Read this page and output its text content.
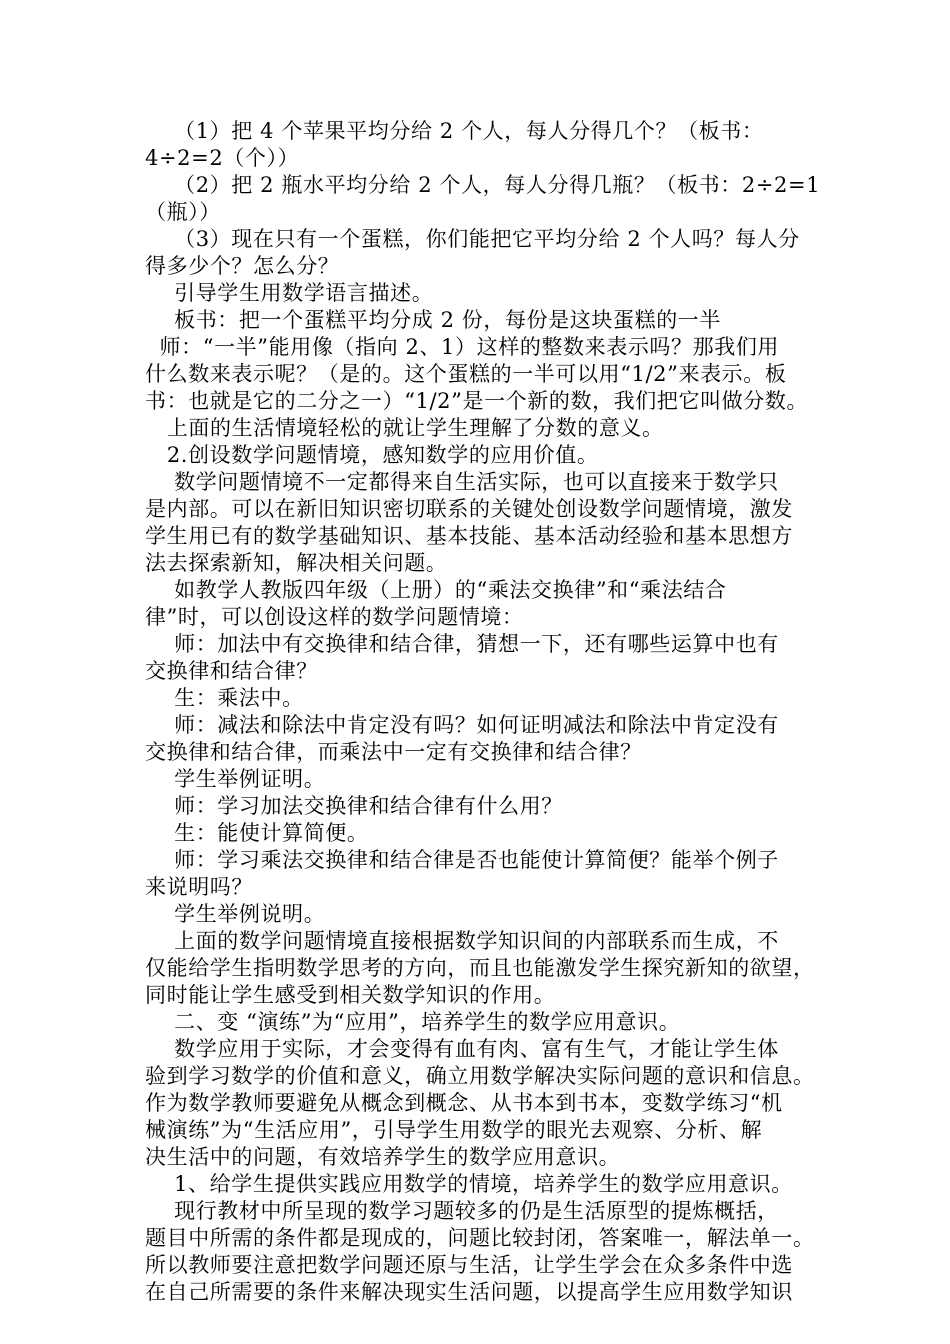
（1）把 4 个苹果平均分给 2 个人，每人分得几个？（板书：
4÷2=2（个））
（2）把 2 瓶水平均分给 2 个人，每人分得几瓶？（板书：2÷2=1
（瓶））
（3）现在只有一个蛋糕，你们能把它平均分给 2 个人吗？每人分
得多少个？怎么分？
引导学生用数学语言描述。
板书：把一个蛋糕平均分成 2 份，每份是这块蛋糕的一半
师：“一半”能用像（指向 2、1）这样的整数来表示吗？那我们用
什么数来表示呢？（是的。这个蛋糕的一半可以用“1/2”来表示。板
书：也就是它的二分之一）“1/2”是一个新的数，我们把它叫做分数。
上面的生活情境轻松的就让学生理解了分数的意义。
2.创设数学问题情境，感知数学的应用价值。
数学问题情境不一定都得来自生活实际，也可以直接来于数学只
是内部。可以在新旧知识密切联系的关键处创设数学问题情境，激发
学生用已有的数学基础知识、基本技能、基本活动经验和基本思想方
法去探索新知，解决相关问题。
如教学人教版四年级（上册）的“乘法交换律”和“乘法结合
律”时，可以创设这样的数学问题情境：
师：加法中有交换律和结合律，猜想一下，还有哪些运算中也有
交换律和结合律？
生：乘法中。
师：减法和除法中肯定没有吗？如何证明减法和除法中肯定没有
交换律和结合律，而乘法中一定有交换律和结合律？
学生举例证明。
师：学习加法交换律和结合律有什么用？
生：能使计算简便。
师：学习乘法交换律和结合律是否也能使计算简便？能举个例子
来说明吗？
学生举例说明。
上面的数学问题情境直接根据数学知识间的内部联系而生成，不
仅能给学生指明数学思考的方向，而且也能激发学生探究新知的欲望，
同时能让学生感受到相关数学知识的作用。
二、变 “演练”为“应用”，培养学生的数学应用意识。
数学应用于实际，才会变得有血有肉、富有生气，才能让学生体
验到学习数学的价值和意义，确立用数学解决实际问题的意识和信息。
作为数学教师要避免从概念到概念、从书本到书本，变数学练习“机
械演练”为“生活应用”，引导学生用数学的眼光去观察、分析、解
决生活中的问题，有效培养学生的数学应用意识。
1、给学生提供实践应用数学的情境，培养学生的数学应用意识。
现行教材中所呈现的数学习题较多的仍是生活原型的提炼概括，
题目中所需的条件都是现成的，问题比较封闭，答案唯一，解法单一。
所以教师要注意把数学问题还原与生活，让学生学会在众多条件中选
在自己所需要的条件来解决现实生活问题，以提高学生应用数学知识
